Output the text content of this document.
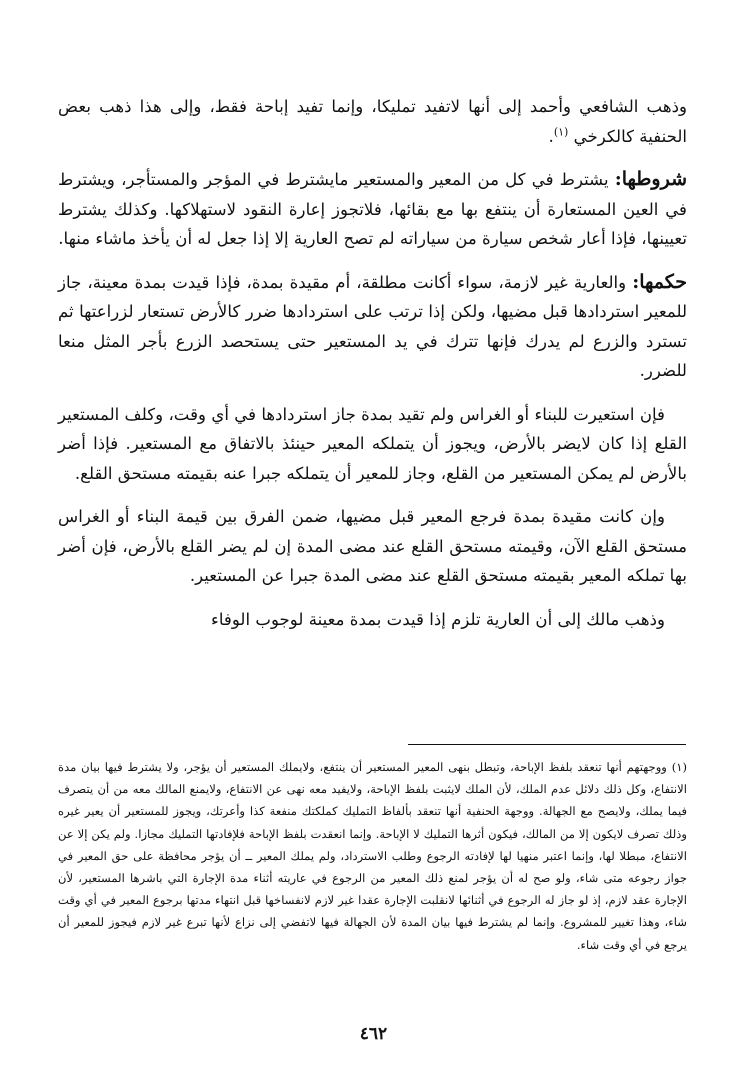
وذهب الشافعي وأحمد إلى أنها لاتفيد تمليكا، وإنما تفيد إباحة فقط، وإلى هذا ذهب بعض الحنفية كالكرخي $^{(١)}$.

شروطها: يشترط في كل من المعير والمستعير مايشترط في المؤجر والمستأجر، ويشترط في العين المستعارة أن ينتفع بها مع بقائها، فلاتجوز إعارة النقود لاستهلاكها. وكذلك يشترط تعيينها، فإذا أعار شخص سيارة من سياراته لم تصح العارية إلا إذا جعل له أن يأخذ ماشاء منها.

حكمها: والعارية غير لازمة، سواء أكانت مطلقة، أم مقيدة بمدة، فإذا قيدت بمدة معينة، جاز للمعير استردادها قبل مضيها، ولكن إذا ترتب على استردادها ضرر كالأرض تستعار لزراعتها ثم تسترد والزرع لم يدرك فإنها تترك في يد المستعير حتى يستحصد الزرع بأجر المثل منعا للضرر.

فإن استعيرت للبناء أو الغراس ولم تقيد بمدة جاز استردادها في أي وقت، وكلف المستعير القلع إذا كان لايضر بالأرض، ويجوز أن يتملكه المعير حينئذ بالاتفاق مع المستعير. فإذا أضر بالأرض لم يمكن المستعير من القلع، وجاز للمعير أن يتملكه جبرا عنه بقيمته مستحق القلع.

وإن كانت مقيدة بمدة فرجع المعير قبل مضيها، ضمن الفرق بين قيمة البناء أو الغراس مستحق القلع الآن، وقيمته مستحق القلع عند مضى المدة إن لم يضر القلع بالأرض، فإن أضر بها تملكه المعير بقيمته مستحق القلع عند مضى المدة جبرا عن المستعير.

وذهب مالك إلى أن العارية تلزم إذا قيدت بمدة معينة لوجوب الوفاء

(١) ووجهتهم أنها تنعقد بلفظ الإباحة، وتبطل بنهى المعير المستعير أن ينتفع، ولايملك المستعير أن يؤجر، ولا يشترط فيها بيان مدة الانتفاع، وكل ذلك دلائل عدم الملك، لأن الملك لايثبت بلفظ الإباحة، ولايفيد معه نهى عن الانتفاع، ولايمنع المالك معه من أن يتصرف فيما يملك، ولايصح مع الجهالة. ووجهة الحنفية أنها تنعقد بألفاظ التمليك كملكتك منفعة كذا وأعرتك، ويجوز للمستعير أن يعير غيره وذلك تصرف لايكون إلا من المالك، فيكون أثرها التمليك لا الإباحة. وإنما انعقدت بلفظ الإباحة فلإفادتها التمليك مجازا. ولم يكن إلا عن الانتفاع، مبطلا لها، وإنما اعتبر منهيا لها لإفادته الرجوع وطلب الاسترداد، ولم يملك المعير ــ أن يؤجر محافظة على حق المعير في جواز رجوعه متى شاء، ولو صح له أن يؤجر لمنع ذلك المعير من الرجوع في عاريته أثناء مدة الإجارة التي باشرها المستعير، لأن الإجارة عقد لازم، إذ لو جاز له الرجوع في أثنائها لانقلبت الإجارة عقدا غير لازم لانفساخها قبل انتهاء مدتها برجوع المعير في أي وقت شاء، وهذا تغيير للمشروع. وإنما لم يشترط فيها بيان المدة لأن الجهالة فيها لاتفضي إلى نزاع لأنها تبرع غير لازم فيجوز للمعير أن يرجع في أي وقت شاء.

٤٦٢
